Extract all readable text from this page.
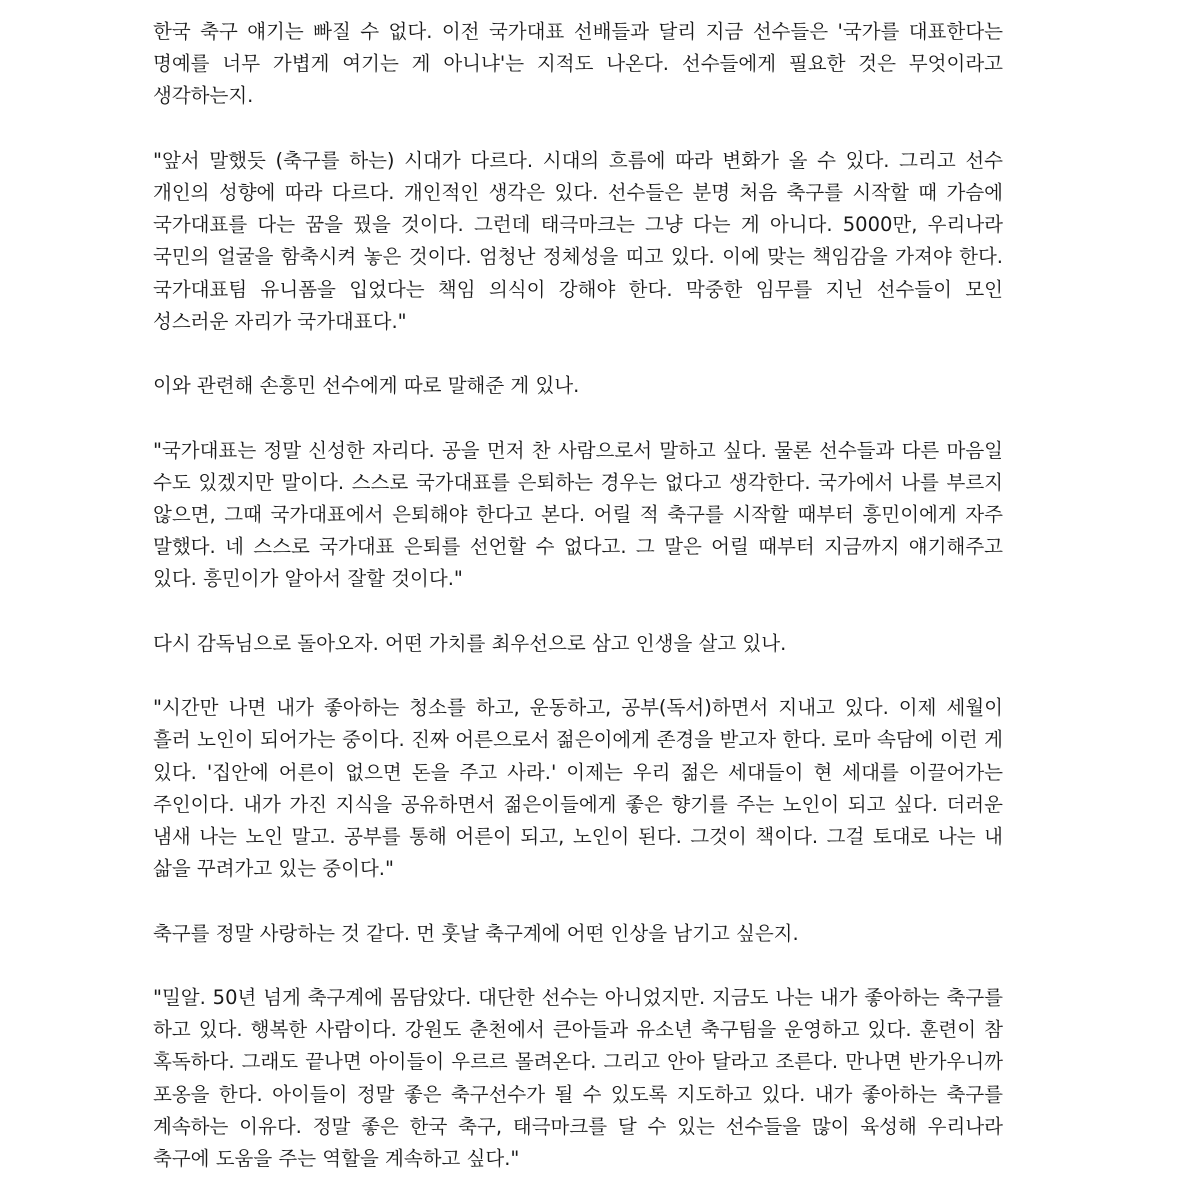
한국 축구 얘기는 빠질 수 없다. 이전 국가대표 선배들과 달리 지금 선수들은 '국가를 대표한다는 명예를 너무 가볍게 여기는 게 아니냐'는 지적도 나온다. 선수들에게 필요한 것은 무엇이라고 생각하는지.

"앞서 말했듯 (축구를 하는) 시대가 다르다. 시대의 흐름에 따라 변화가 올 수 있다. 그리고 선수 개인의 성향에 따라 다르다. 개인적인 생각은 있다. 선수들은 분명 처음 축구를 시작할 때 가슴에 국가대표를 다는 꿈을 꿨을 것이다. 그런데 태극마크는 그냥 다는 게 아니다. 5000만, 우리나라 국민의 얼굴을 함축시켜 놓은 것이다. 엄청난 정체성을 띠고 있다. 이에 맞는 책임감을 가져야 한다. 국가대표팀 유니폼을 입었다는 책임 의식이 강해야 한다. 막중한 임무를 지닌 선수들이 모인 성스러운 자리가 국가대표다."

이와 관련해 손흥민 선수에게 따로 말해준 게 있나.

"국가대표는 정말 신성한 자리다. 공을 먼저 찬 사람으로서 말하고 싶다. 물론 선수들과 다른 마음일 수도 있겠지만 말이다. 스스로 국가대표를 은퇴하는 경우는 없다고 생각한다. 국가에서 나를 부르지 않으면, 그때 국가대표에서 은퇴해야 한다고 본다. 어릴 적 축구를 시작할 때부터 흥민이에게 자주 말했다. 네 스스로 국가대표 은퇴를 선언할 수 없다고. 그 말은 어릴 때부터 지금까지 얘기해주고 있다. 흥민이가 알아서 잘할 것이다."

다시 감독님으로 돌아오자. 어떤 가치를 최우선으로 삼고 인생을 살고 있나.

"시간만 나면 내가 좋아하는 청소를 하고, 운동하고, 공부(독서)하면서 지내고 있다. 이제 세월이 흘러 노인이 되어가는 중이다. 진짜 어른으로서 젊은이에게 존경을 받고자 한다. 로마 속담에 이런 게 있다. '집안에 어른이 없으면 돈을 주고 사라.' 이제는 우리 젊은 세대들이 현 세대를 이끌어가는 주인이다. 내가 가진 지식을 공유하면서 젊은이들에게 좋은 향기를 주는 노인이 되고 싶다. 더러운 냄새 나는 노인 말고. 공부를 통해 어른이 되고, 노인이 된다. 그것이 책이다. 그걸 토대로 나는 내 삶을 꾸려가고 있는 중이다."

축구를 정말 사랑하는 것 같다. 먼 훗날 축구계에 어떤 인상을 남기고 싶은지.

"밀알. 50년 넘게 축구계에 몸담았다. 대단한 선수는 아니었지만. 지금도 나는 내가 좋아하는 축구를 하고 있다. 행복한 사람이다. 강원도 춘천에서 큰아들과 유소년 축구팀을 운영하고 있다. 훈련이 참 혹독하다. 그래도 끝나면 아이들이 우르르 몰려온다. 그리고 안아 달라고 조른다. 만나면 반가우니까 포옹을 한다. 아이들이 정말 좋은 축구선수가 될 수 있도록 지도하고 있다. 내가 좋아하는 축구를 계속하는 이유다. 정말 좋은 한국 축구, 태극마크를 달 수 있는 선수들을 많이 육성해 우리나라 축구에 도움을 주는 역할을 계속하고 싶다."
